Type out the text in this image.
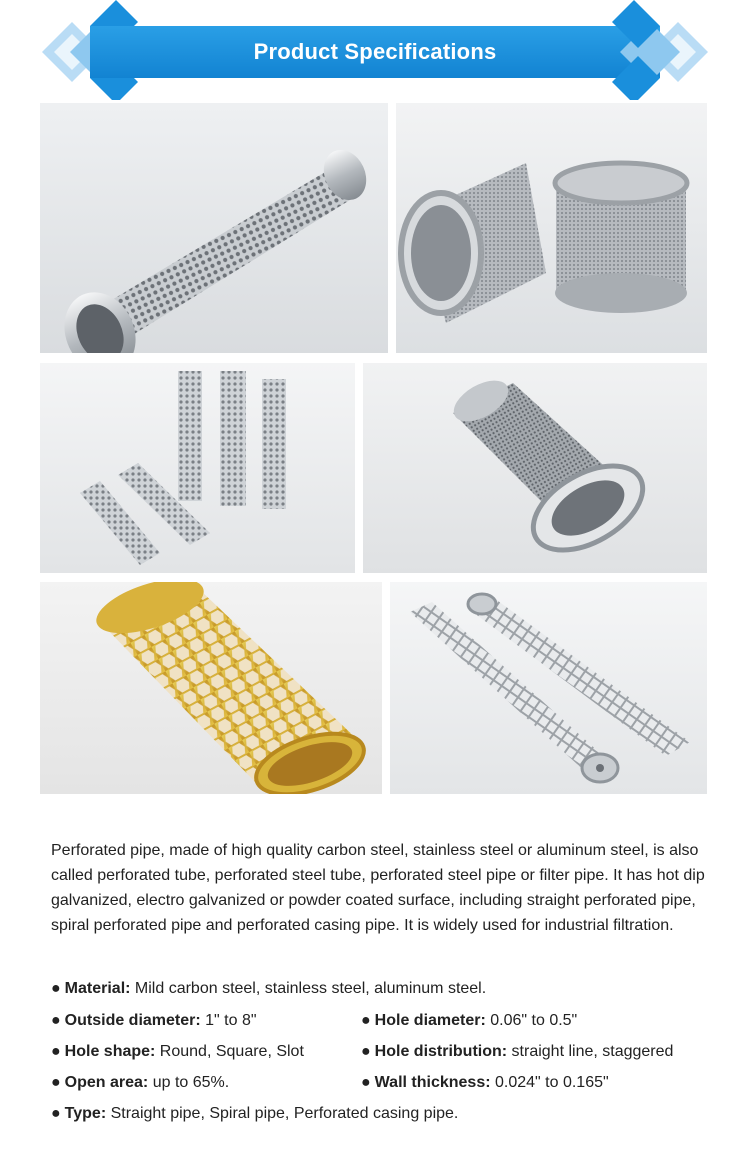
Product Specifications
Perforated pipe, made of high quality carbon steel, stainless steel or aluminum steel, is also called perforated tube, perforated steel tube, perforated steel pipe or filter pipe. It has hot dip galvanized, electro galvanized or powder coated surface, including straight perforated pipe, spiral perforated pipe and perforated casing pipe. It is widely used for industrial filtration.
● Material: Mild carbon steel, stainless steel, aluminum steel.
● Outside diameter: 1" to 8"	● Hole diameter: 0.06" to 0.5"
● Hole shape: Round, Square, Slot	● Hole distribution: straight line, staggered
● Open area: up to 65%.	● Wall thickness: 0.024" to 0.165"
● Type: Straight pipe, Spiral pipe, Perforated casing pipe.
